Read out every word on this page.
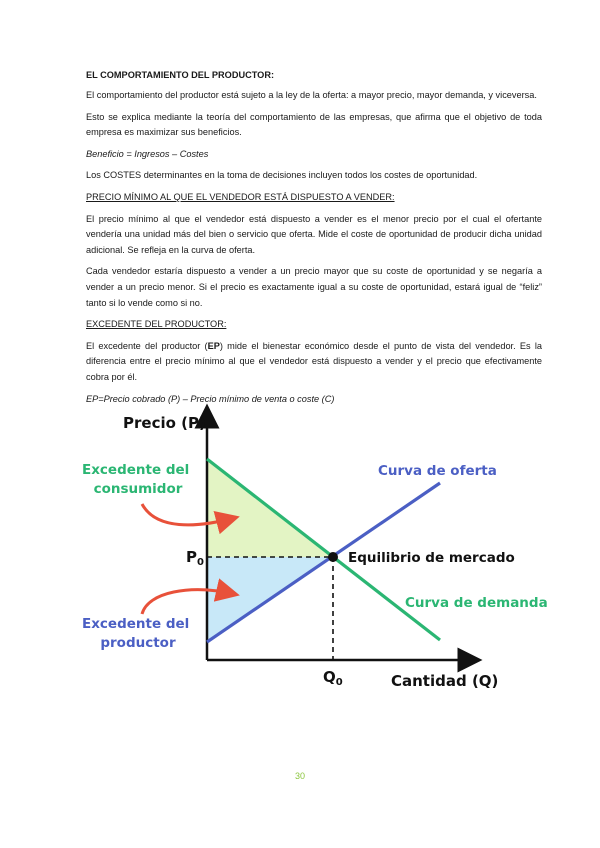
EL COMPORTAMIENTO DEL PRODUCTOR:

El comportamiento del productor está sujeto a la ley de la oferta: a mayor precio, mayor demanda, y viceversa.

Esto se explica mediante la teoría del comportamiento de las empresas, que afirma que el objetivo de toda empresa es maximizar sus beneficios.

Beneficio = Ingresos – Costes

Los COSTES determinantes en la toma de decisiones incluyen todos los costes de oportunidad.

PRECIO MÍNIMO AL QUE EL VENDEDOR ESTÁ DISPUESTO A VENDER:

El precio mínimo al que el vendedor está dispuesto a vender es el menor precio por el cual el ofertante vendería una unidad más del bien o servicio que oferta. Mide el coste de oportunidad de producir dicha unidad adicional. Se refleja en la curva de oferta.

Cada vendedor estaría dispuesto a vender a un precio mayor que su coste de oportunidad y se negaría a vender a un precio menor. Si el precio es exactamente igual a su coste de oportunidad, estará igual de “feliz” tanto si lo vende como si no.

EXCEDENTE DEL PRODUCTOR:

El excedente del productor (EP) mide el bienestar económico desde el punto de vista del vendedor. Es la diferencia entre el precio mínimo al que el vendedor está dispuesto a vender y el precio que efectivamente cobra por él.

EP=Precio cobrado (P) – Precio mínimo de venta o coste (C)

Precio (P)
Cantidad (Q)
$P_0$
$Q_0$
Excedente del consumidor
Excedente del productor
Curva de oferta
Equilibrio de mercado
Curva de demanda
30
